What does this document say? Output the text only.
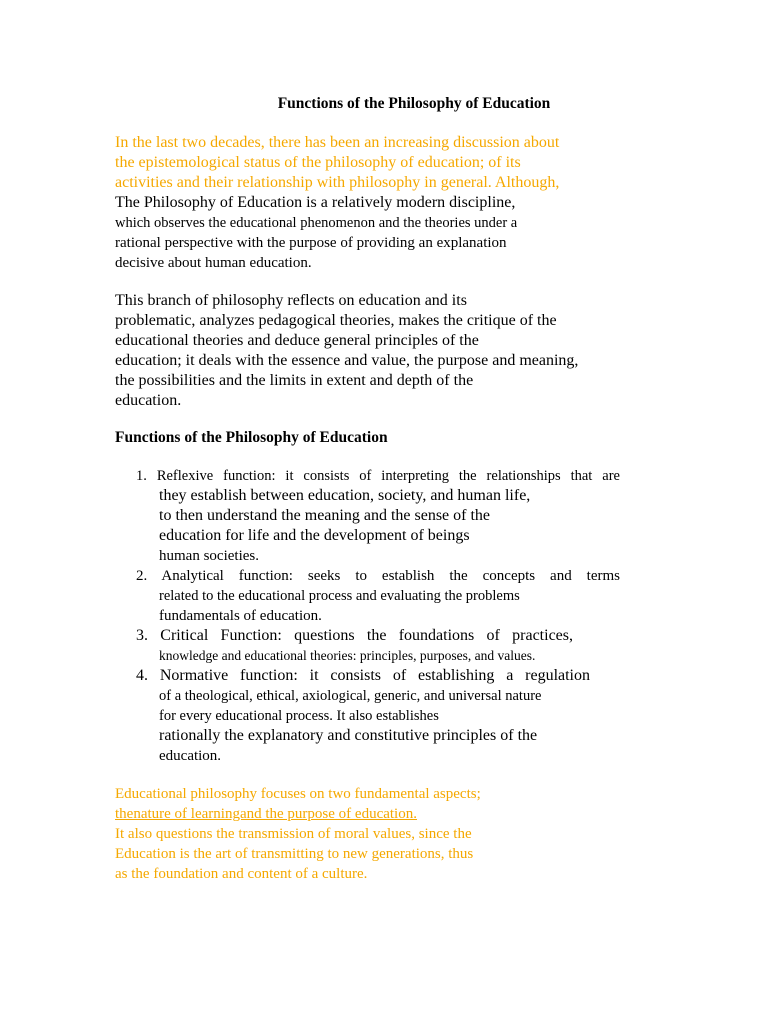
Functions of the Philosophy of Education
In the last two decades, there has been an increasing discussion about
the epistemological status of the philosophy of education; of its
activities and their relationship with philosophy in general. Although,
The Philosophy of Education is a relatively modern discipline,
which observes the educational phenomenon and the theories under a
rational perspective with the purpose of providing an explanation
decisive about human education.
This branch of philosophy reflects on education and its
problematic, analyzes pedagogical theories, makes the critique of the
educational theories and deduce general principles of the
education; it deals with the essence and value, the purpose and meaning,
the possibilities and the limits in extent and depth of the
education.
Functions of the Philosophy of Education
1. Reflexive function: it consists of interpreting the relationships that are
they establish between education, society, and human life,
to then understand the meaning and the sense of the
education for life and the development of beings
human societies.
2. Analytical function: seeks to establish the concepts and terms
related to the educational process and evaluating the problems
fundamentals of education.
3. Critical Function: questions the foundations of practices,
knowledge and educational theories: principles, purposes, and values.
4. Normative function: it consists of establishing a regulation
of a theological, ethical, axiological, generic, and universal nature
for every educational process. It also establishes
rationally the explanatory and constitutive principles of the
education.
Educational philosophy focuses on two fundamental aspects;
thenature of learningand the purpose of education.
It also questions the transmission of moral values, since the
Education is the art of transmitting to new generations, thus
as the foundation and content of a culture.
